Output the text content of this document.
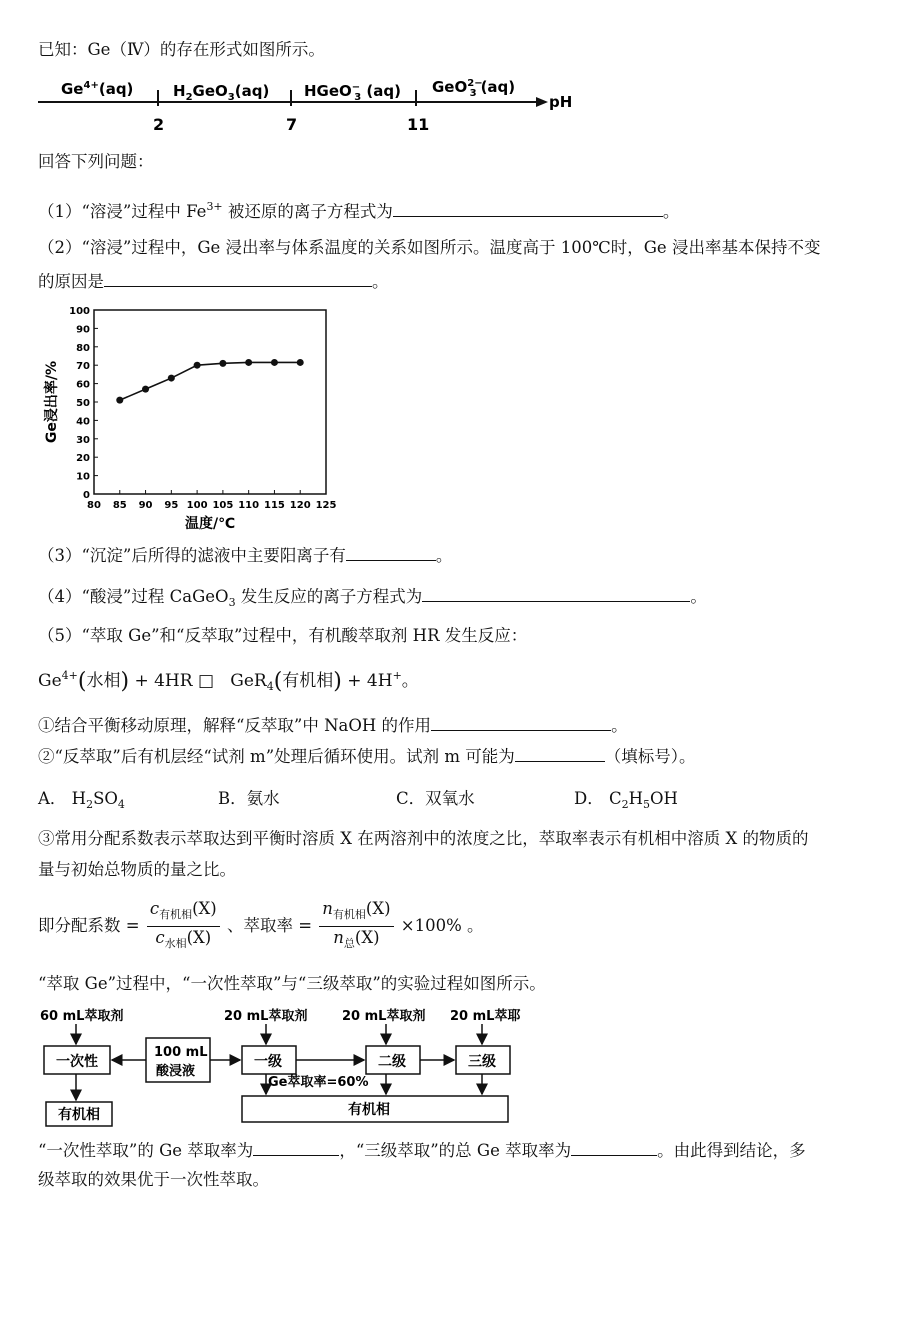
已知：Ge（Ⅳ）的存在形式如图所示。
$Ge^{4+}(aq)$	$H_2GeO_3(aq)$ HGeO− 3 (aq) GeO$^{2-}$ 3 (aq)
pH
2	7	11
回答下列问题：
（1）“溶浸”过程中 $Fe^{3+}$ 被还原的离子方程式为	。
（2）“溶浸”过程中，Ge 浸出率与体系温度的关系如图所示。温度高于 100℃时，Ge 浸出率基本保持不变
的原因是	。
80 85 90 95 100 105 110 115 120 125
0
10
20
30
40
50
60
70
80
90
100
温度/℃
Ge浸出率/%
（3）“沉淀”后所得的滤液中主要阳离子有	。
（4）“酸浸”过程 CaGeO$_3$ 发生反应的离子方程式为	。
（5）“萃取 Ge”和“反萃取”过程中，有机酸萃取剂 HR 发生反应：
$Ge^{4+}$(水相) + 4HR □ GeR$_4$(有机相) + 4H+。
①结合平衡移动原理，解释“反萃取”中 NaOH 的作用	。
②“反萃取”后有机层经“试剂 m”处理后循环使用。试剂 m 可能为	（填标号）。
A． $H_2SO_4$	B．氨水	C．双氧水	D． $C_2H_5OH$
③常用分配系数表示萃取达到平衡时溶质 X 在两溶剂中的浓度之比，萃取率表示有机相中溶质 X 的物质的
量与初始总物质的量之比。
即分配系数 = $\frac{c_{有机相}(X)}{c_{水相}(X)}$ 、萃取率 = $\frac{n_{有机相}(X)}{n_总(X)} \times 100\%$ 。
“萃取 Ge”过程中，“一次性萃取”与“三级萃取”的实验过程如图所示。
60 mL萃取剂	20 mL萃取剂	20 mL萃取剂 20 mL萃耶
一次性
100 mL
酸浸液
一级	二级	三级
Ge萃取率=60%
有机相	有机相
“一次性萃取”的 Ge 萃取率为	，“三级萃取”的总 Ge 萃取率为	。由此得到结论，多
级萃取的效果优于一次性萃取。
